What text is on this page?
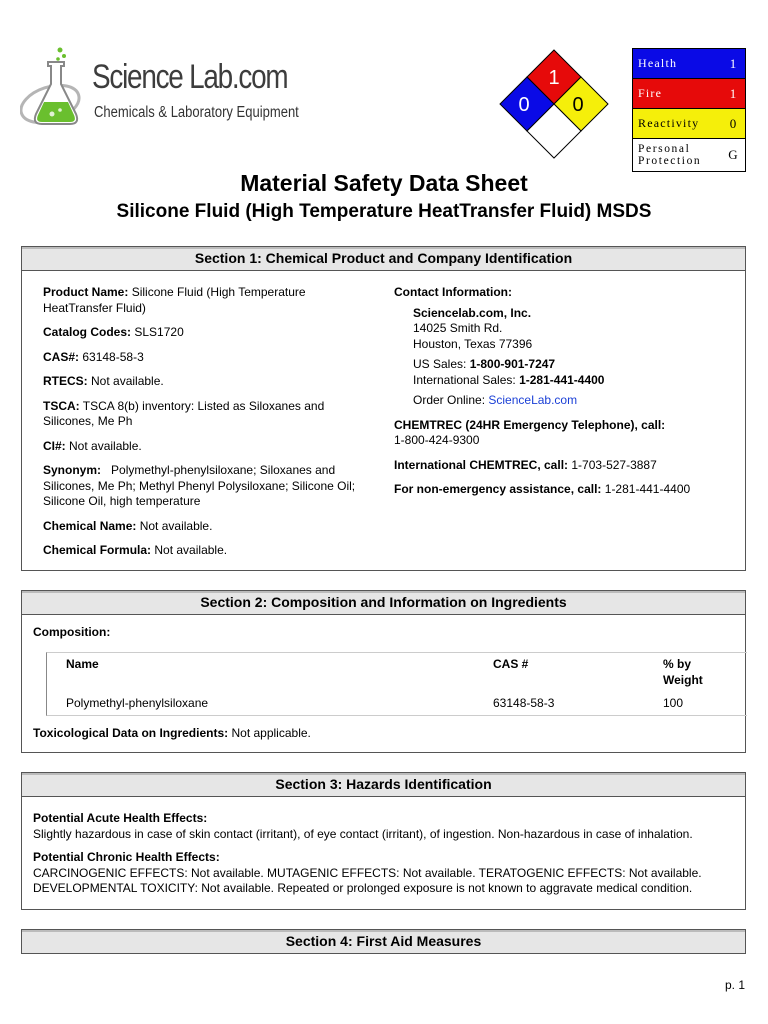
Science Lab.com
Chemicals & Laboratory Equipment
1
0 0
Health	1
Fire	1
Reactivity	0
Personal
Protection	G
Material Safety Data Sheet
Silicone Fluid (High Temperature HeatTransfer Fluid) MSDS
Section 1: Chemical Product and Company Identification
Product Name: Silicone Fluid (High Temperature HeatTransfer Fluid)
Catalog Codes: SLS1720
CAS#: 63148-58-3
RTECS: Not available.
TSCA: TSCA 8(b) inventory: Listed as Siloxanes and Silicones, Me Ph
CI#: Not available.
Synonym: Polymethyl-phenylsiloxane; Siloxanes and Silicones, Me Ph; Methyl Phenyl Polysiloxane; Silicone Oil; Silicone Oil, high temperature
Chemical Name: Not available.
Chemical Formula: Not available.
Contact Information:
Sciencelab.com, Inc.
14025 Smith Rd.
Houston, Texas 77396
US Sales: 1-800-901-7247
International Sales: 1-281-441-4400
Order Online: ScienceLab.com
CHEMTREC (24HR Emergency Telephone), call:
1-800-424-9300
International CHEMTREC, call: 1-703-527-3887
For non-emergency assistance, call: 1-281-441-4400
Section 2: Composition and Information on Ingredients
Composition:
Name	CAS #	% by Weight
Polymethyl-phenylsiloxane	63148-58-3	100
Toxicological Data on Ingredients: Not applicable.
Section 3: Hazards Identification
Potential Acute Health Effects:
Slightly hazardous in case of skin contact (irritant), of eye contact (irritant), of ingestion. Non-hazardous in case of inhalation.
Potential Chronic Health Effects:
CARCINOGENIC EFFECTS: Not available. MUTAGENIC EFFECTS: Not available. TERATOGENIC EFFECTS: Not available.
DEVELOPMENTAL TOXICITY: Not available. Repeated or prolonged exposure is not known to aggravate medical condition.
Section 4: First Aid Measures
p. 1
